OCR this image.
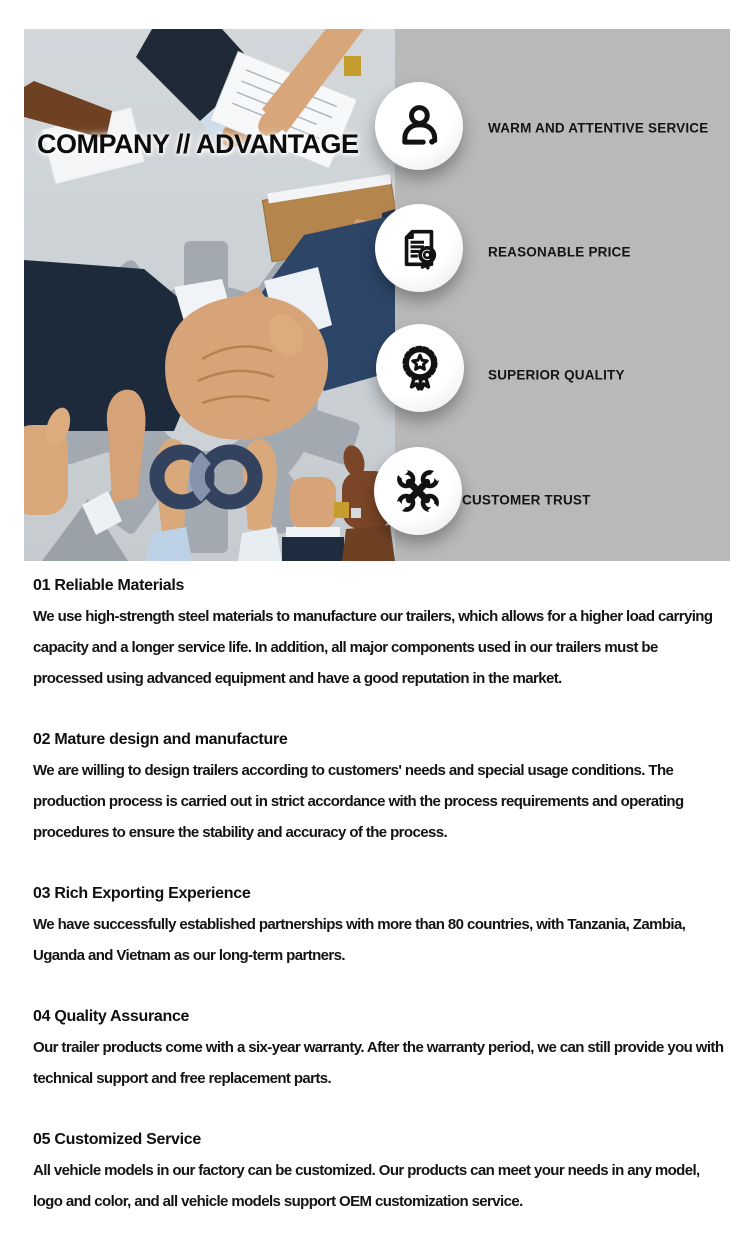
COMPANY // ADVANTAGE
WARM AND ATTENTIVE SERVICE
REASONABLE PRICE
SUPERIOR QUALITY
CUSTOMER TRUST

01 Reliable Materials

We use high-strength steel materials to manufacture our trailers, which allows for a higher load carrying capacity and a longer service life. In addition, all major components used in our trailers must be processed using advanced equipment and have a good reputation in the market.

02 Mature design and manufacture

We are willing to design trailers according to customers' needs and special usage conditions. The production process is carried out in strict accordance with the process requirements and operating procedures to ensure the stability and accuracy of the process.

03 Rich Exporting Experience

We have successfully established partnerships with more than 80 countries, with Tanzania, Zambia, Uganda and Vietnam as our long-term partners.

04 Quality Assurance

Our trailer products come with a six-year warranty. After the warranty period, we can still provide you with technical support and free replacement parts.

05 Customized Service

All vehicle models in our factory can be customized. Our products can meet your needs in any model, logo and color, and all vehicle models support OEM customization service.
